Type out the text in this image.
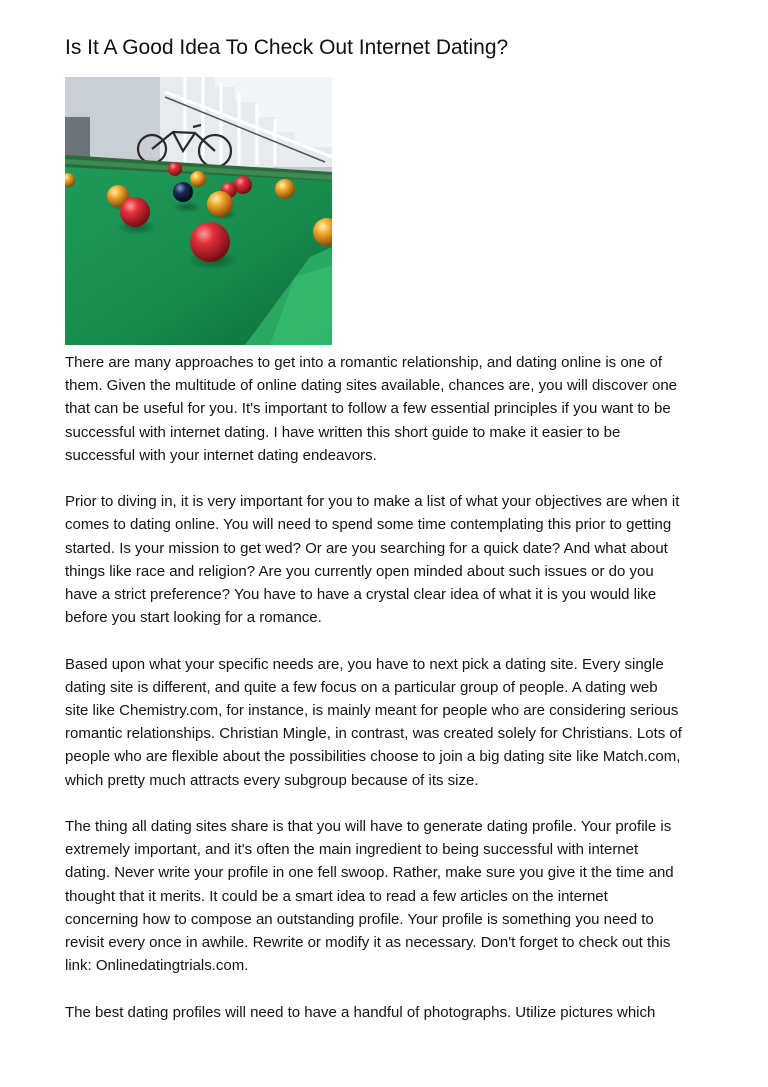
Is It A Good Idea To Check Out Internet Dating?

There are many approaches to get into a romantic relationship, and dating online is one of
them. Given the multitude of online dating sites available, chances are, you will discover one
that can be useful for you. It's important to follow a few essential principles if you want to be
successful with internet dating. I have written this short guide to make it easier to be
successful with your internet dating endeavors.

Prior to diving in, it is very important for you to make a list of what your objectives are when it
comes to dating online. You will need to spend some time contemplating this prior to getting
started. Is your mission to get wed? Or are you searching for a quick date? And what about
things like race and religion? Are you currently open minded about such issues or do you
have a strict preference? You have to have a crystal clear idea of what it is you would like
before you start looking for a romance.

Based upon what your specific needs are, you have to next pick a dating site. Every single
dating site is different, and quite a few focus on a particular group of people. A dating web
site like Chemistry.com, for instance, is mainly meant for people who are considering serious
romantic relationships. Christian Mingle, in contrast, was created solely for Christians. Lots of
people who are flexible about the possibilities choose to join a big dating site like Match.com,
which pretty much attracts every subgroup because of its size.

The thing all dating sites share is that you will have to generate dating profile. Your profile is
extremely important, and it's often the main ingredient to being successful with internet
dating. Never write your profile in one fell swoop. Rather, make sure you give it the time and
thought that it merits. It could be a smart idea to read a few articles on the internet
concerning how to compose an outstanding profile. Your profile is something you need to
revisit every once in awhile. Rewrite or modify it as necessary. Don't forget to check out this
link: Onlinedatingtrials.com.

The best dating profiles will need to have a handful of photographs. Utilize pictures which
